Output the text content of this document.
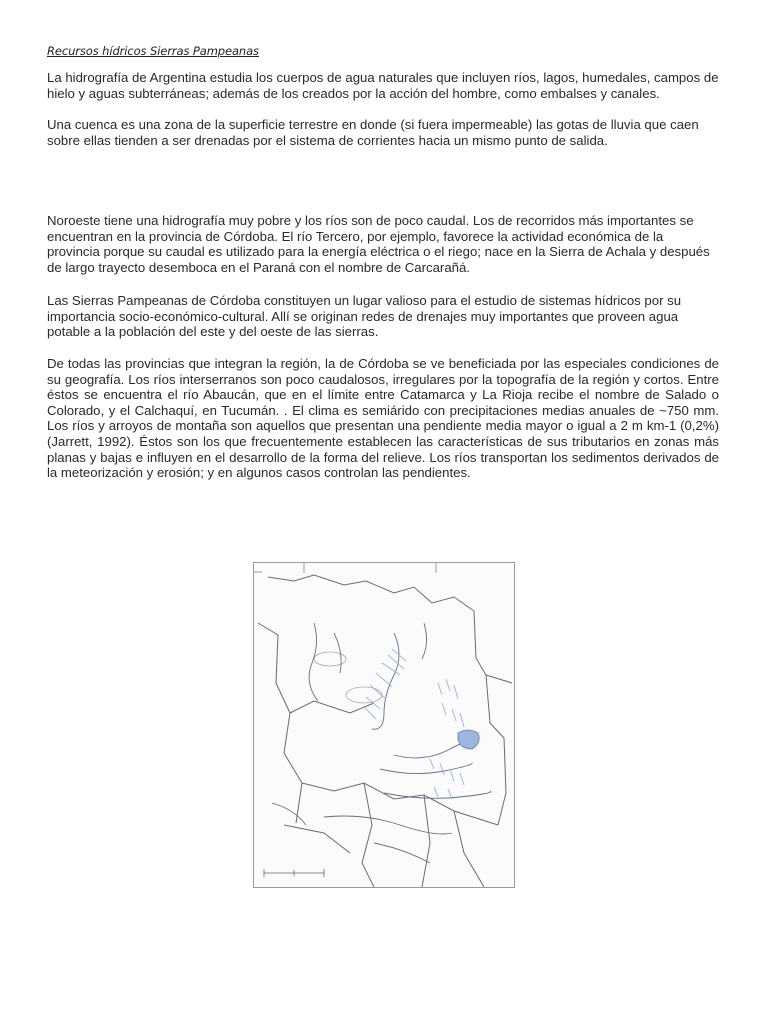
Recursos hídricos Sierras Pampeanas

La hidrografía de Argentina estudia los cuerpos de agua naturales que incluyen ríos, lagos, humedales, campos de hielo y aguas subterráneas; además de los creados por la acción del hombre, como embalses y canales.

Una cuenca es una zona de la superficie terrestre en donde (si fuera impermeable) las gotas de lluvia que caen sobre ellas tienden a ser drenadas por el sistema de corrientes hacia un mismo punto de salida.

Noroeste tiene una hidrografía muy pobre y los ríos son de poco caudal. Los de recorridos más importantes se encuentran en la provincia de Córdoba. El río Tercero, por ejemplo, favorece la actividad económica de la provincia porque su caudal es utilizado para la energía eléctrica o el riego; nace en la Sierra de Achala y después de largo trayecto desemboca en el Paraná con el nombre de Carcarañá.

Las Sierras Pampeanas de Córdoba constituyen un lugar valioso para el estudio de sistemas hídricos por su importancia socio-económico-cultural. Allí se originan redes de drenajes muy importantes que proveen agua potable a la población del este y del oeste de las sierras.

De todas las provincias que integran la región, la de Córdoba se ve beneficiada por las especiales condiciones de su geografía. Los ríos interserranos son poco caudalosos, irregulares por la topografía de la región y cortos. Entre éstos se encuentra el río Abaucán, que en el límite entre Catamarca y La Rioja recibe el nombre de Salado o Colorado, y el Calchaquí, en Tucumán. . El clima es semiárido con precipitaciones medias anuales de ~750 mm. Los ríos y arroyos de montaña son aquellos que presentan una pendiente media mayor o igual a 2 m km-1 (0,2%) (Jarrett, 1992). Éstos son los que frecuentemente establecen las características de sus tributarios en zonas más planas y bajas e influyen en el desarrollo de la forma del relieve. Los ríos transportan los sedimentos derivados de la meteorización y erosión; y en algunos casos controlan las pendientes.
